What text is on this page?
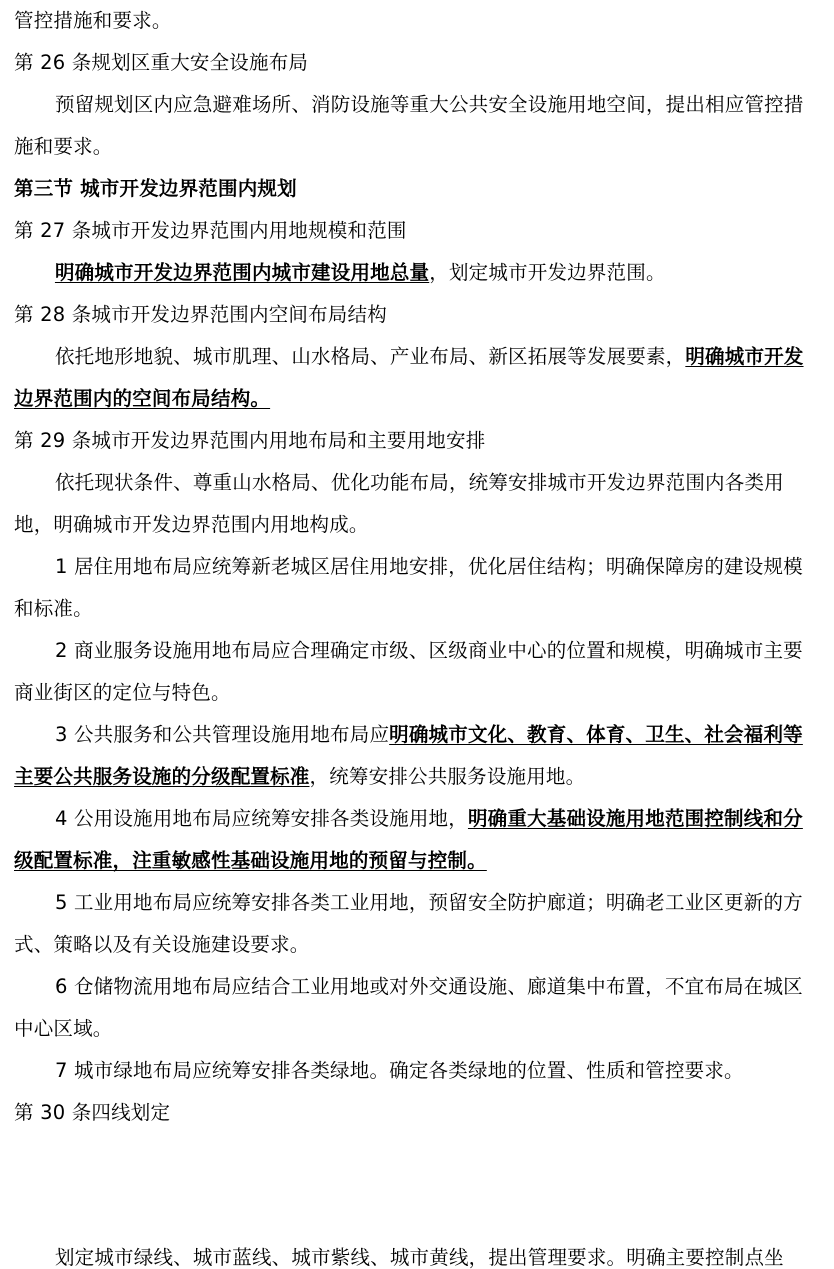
管控措施和要求。

第 26 条规划区重大安全设施布局

预留规划区内应急避难场所、消防设施等重大公共安全设施用地空间，提出相应管控措施和要求。

第三节 城市开发边界范围内规划

第 27 条城市开发边界范围内用地规模和范围

明确城市开发边界范围内城市建设用地总量，划定城市开发边界范围。

第 28 条城市开发边界范围内空间布局结构

依托地形地貌、城市肌理、山水格局、产业布局、新区拓展等发展要素，明确城市开发边界范围内的空间布局结构。

第 29 条城市开发边界范围内用地布局和主要用地安排

依托现状条件、尊重山水格局、优化功能布局，统筹安排城市开发边界范围内各类用地，明确城市开发边界范围内用地构成。

1 居住用地布局应统筹新老城区居住用地安排，优化居住结构；明确保障房的建设规模和标准。

2 商业服务设施用地布局应合理确定市级、区级商业中心的位置和规模，明确城市主要商业街区的定位与特色。

3 公共服务和公共管理设施用地布局应明确城市文化、教育、体育、卫生、社会福利等主要公共服务设施的分级配置标准，统筹安排公共服务设施用地。

4 公用设施用地布局应统筹安排各类设施用地，明确重大基础设施用地范围控制线和分级配置标准，注重敏感性基础设施用地的预留与控制。

5 工业用地布局应统筹安排各类工业用地，预留安全防护廊道；明确老工业区更新的方式、策略以及有关设施建设要求。

6 仓储物流用地布局应结合工业用地或对外交通设施、廊道集中布置，不宜布局在城区中心区域。

7 城市绿地布局应统筹安排各类绿地。确定各类绿地的位置、性质和管控要求。

第 30 条四线划定

划定城市绿线、城市蓝线、城市紫线、城市黄线，提出管理要求。明确主要控制点坐
